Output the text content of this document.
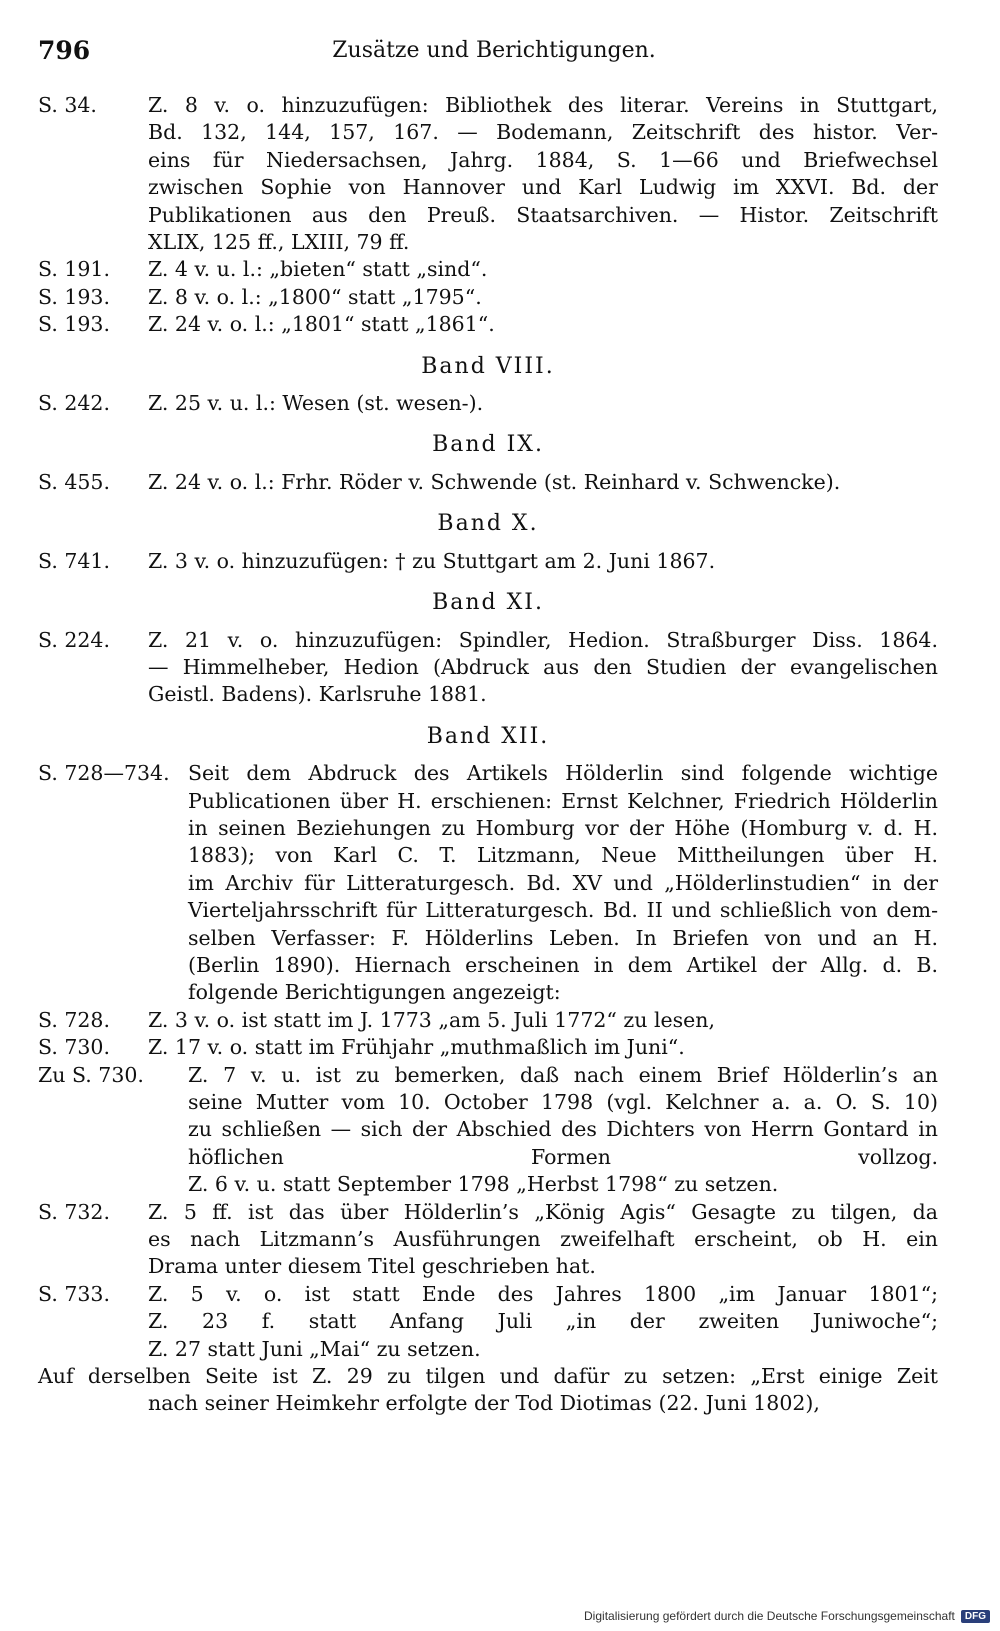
796	Zusätze und Berichtigungen.
S. 34. Z. 8 v. o. hinzuzufügen: Bibliothek des literar. Vereins in Stuttgart,
Bd. 132, 144, 157, 167. — Bodemann, Zeitschrift des histor. Ver-
eins für Niedersachsen, Jahrg. 1884, S. 1—66 und Briefwechsel
zwischen Sophie von Hannover und Karl Ludwig im XXVI. Bd. der
Publikationen aus den Preuß. Staatsarchiven. — Histor. Zeitschrift
XLIX, 125 ff., LXIII, 79 ff.
S. 191. Z. 4 v. u. l.: „bieten“ statt „sind“.
S. 193. Z. 8 v. o. l.: „1800“ statt „1795“.
S. 193. Z. 24 v. o. l.: „1801“ statt „1861“.
Band VIII.
S. 242. Z. 25 v. u. l.: Wesen (st. wesen-).
Band IX.
S. 455. Z. 24 v. o. l.: Frhr. Röder v. Schwende (st. Reinhard v. Schwencke).
Band X.
S. 741. Z. 3 v. o. hinzuzufügen: † zu Stuttgart am 2. Juni 1867.
Band XI.
S. 224. Z. 21 v. o. hinzuzufügen: Spindler, Hedion. Straßburger Diss. 1864.
— Himmelheber, Hedion (Abdruck aus den Studien der evangelischen
Geistl. Badens). Karlsruhe 1881.
Band XII.
S. 728—734. Seit dem Abdruck des Artikels Hölderlin sind folgende wichtige
Publicationen über H. erschienen: Ernst Kelchner, Friedrich Hölderlin
in seinen Beziehungen zu Homburg vor der Höhe (Homburg v. d. H.
1883); von Karl C. T. Litzmann, Neue Mittheilungen über H.
im Archiv für Litteraturgesch. Bd. XV und „Hölderlinstudien“ in der
Vierteljahrsschrift für Litteraturgesch. Bd. II und schließlich von dem-
selben Verfasser: F. Hölderlins Leben. In Briefen von und an H.
(Berlin 1890). Hiernach erscheinen in dem Artikel der Allg. d. B.
folgende Berichtigungen angezeigt:
S. 728. Z. 3 v. o. ist statt im J. 1773 „am 5. Juli 1772“ zu lesen,
S. 730. Z. 17 v. o. statt im Frühjahr „muthmaßlich im Juni“.
Zu S. 730. Z. 7 v. u. ist zu bemerken, daß nach einem Brief Hölderlin’s an
seine Mutter vom 10. October 1798 (vgl. Kelchner a. a. O. S. 10)
zu schließen — sich der Abschied des Dichters von Herrn Gontard in
höflichen Formen vollzog.
Z. 6 v. u. statt September 1798 „Herbst 1798“ zu setzen.
S. 732. Z. 5 ff. ist das über Hölderlin’s „König Agis“ Gesagte zu tilgen, da
es nach Litzmann’s Ausführungen zweifelhaft erscheint, ob H. ein
Drama unter diesem Titel geschrieben hat.
S. 733. Z. 5 v. o. ist statt Ende des Jahres 1800 „im Januar 1801“;
Z. 23 f. statt Anfang Juli „in der zweiten Juniwoche“;
Z. 27 statt Juni „Mai“ zu setzen.
Auf derselben Seite ist Z. 29 zu tilgen und dafür zu setzen: „Erst einige Zeit
nach seiner Heimkehr erfolgte der Tod Diotimas (22. Juni 1802),
Digitalisierung gefördert durch die Deutsche Forschungsgemeinschaft	DFG
